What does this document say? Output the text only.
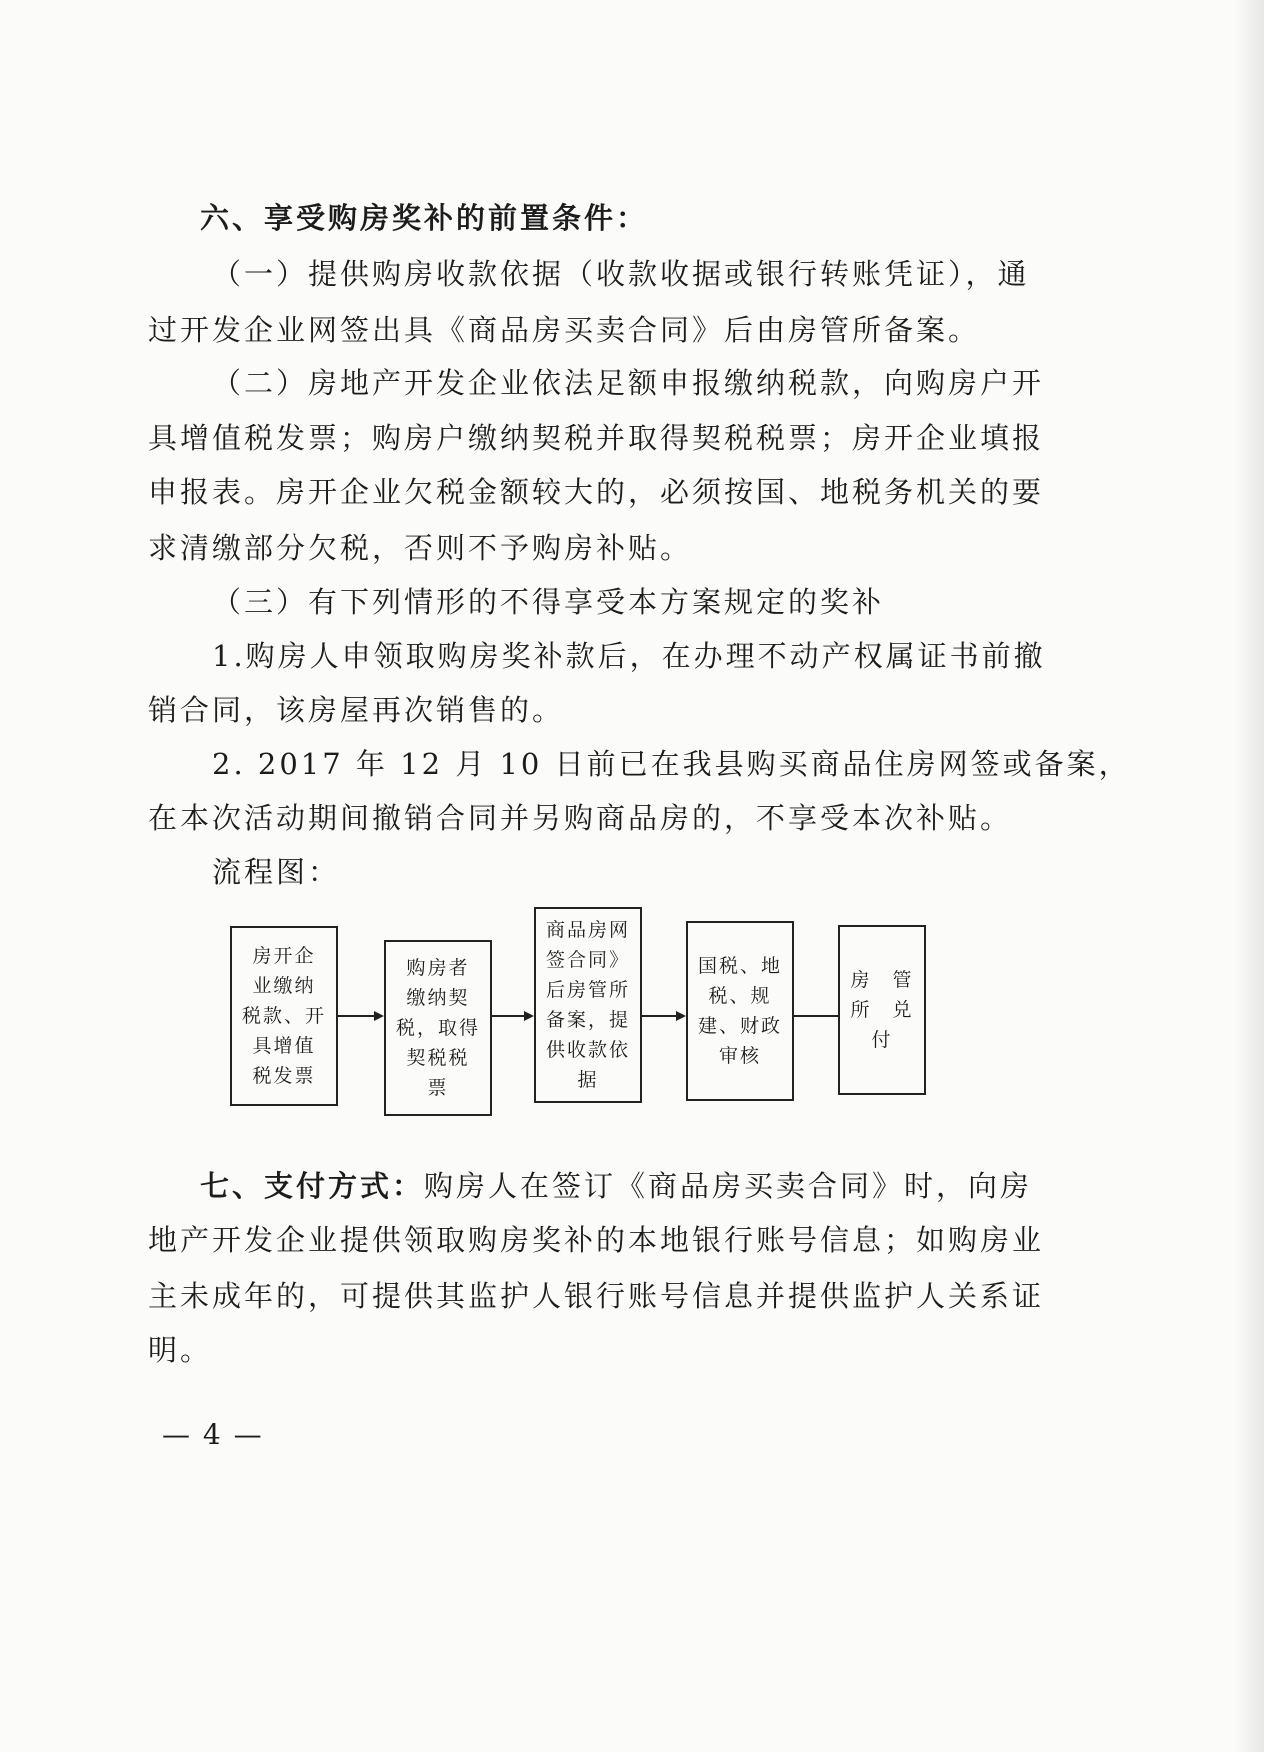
六、享受购房奖补的前置条件：
（一）提供购房收款依据（收款收据或银行转账凭证），通
过开发企业网签出具《商品房买卖合同》后由房管所备案。
（二）房地产开发企业依法足额申报缴纳税款，向购房户开
具增值税发票；购房户缴纳契税并取得契税税票；房开企业填报
申报表。房开企业欠税金额较大的，必须按国、地税务机关的要
求清缴部分欠税，否则不予购房补贴。
（三）有下列情形的不得享受本方案规定的奖补
1.购房人申领取购房奖补款后，在办理不动产权属证书前撤
销合同，该房屋再次销售的。
2. 2017 年 12 月 10 日前已在我县购买商品住房网签或备案，
在本次活动期间撤销合同并另购商品房的，不享受本次补贴。
流程图：
房开企
业缴纳
税款、开
具增值
税发票
购房者
缴纳契
税，取得
契税税
票
商品房网
签合同》
后房管所
备案，提
供收款依
据
国税、地
税、规
建、财政
审核
房　管
所　兑
付
七、支付方式：购房人在签订《商品房买卖合同》时，向房
地产开发企业提供领取购房奖补的本地银行账号信息；如购房业
主未成年的，可提供其监护人银行账号信息并提供监护人关系证
明。
— 4 —
